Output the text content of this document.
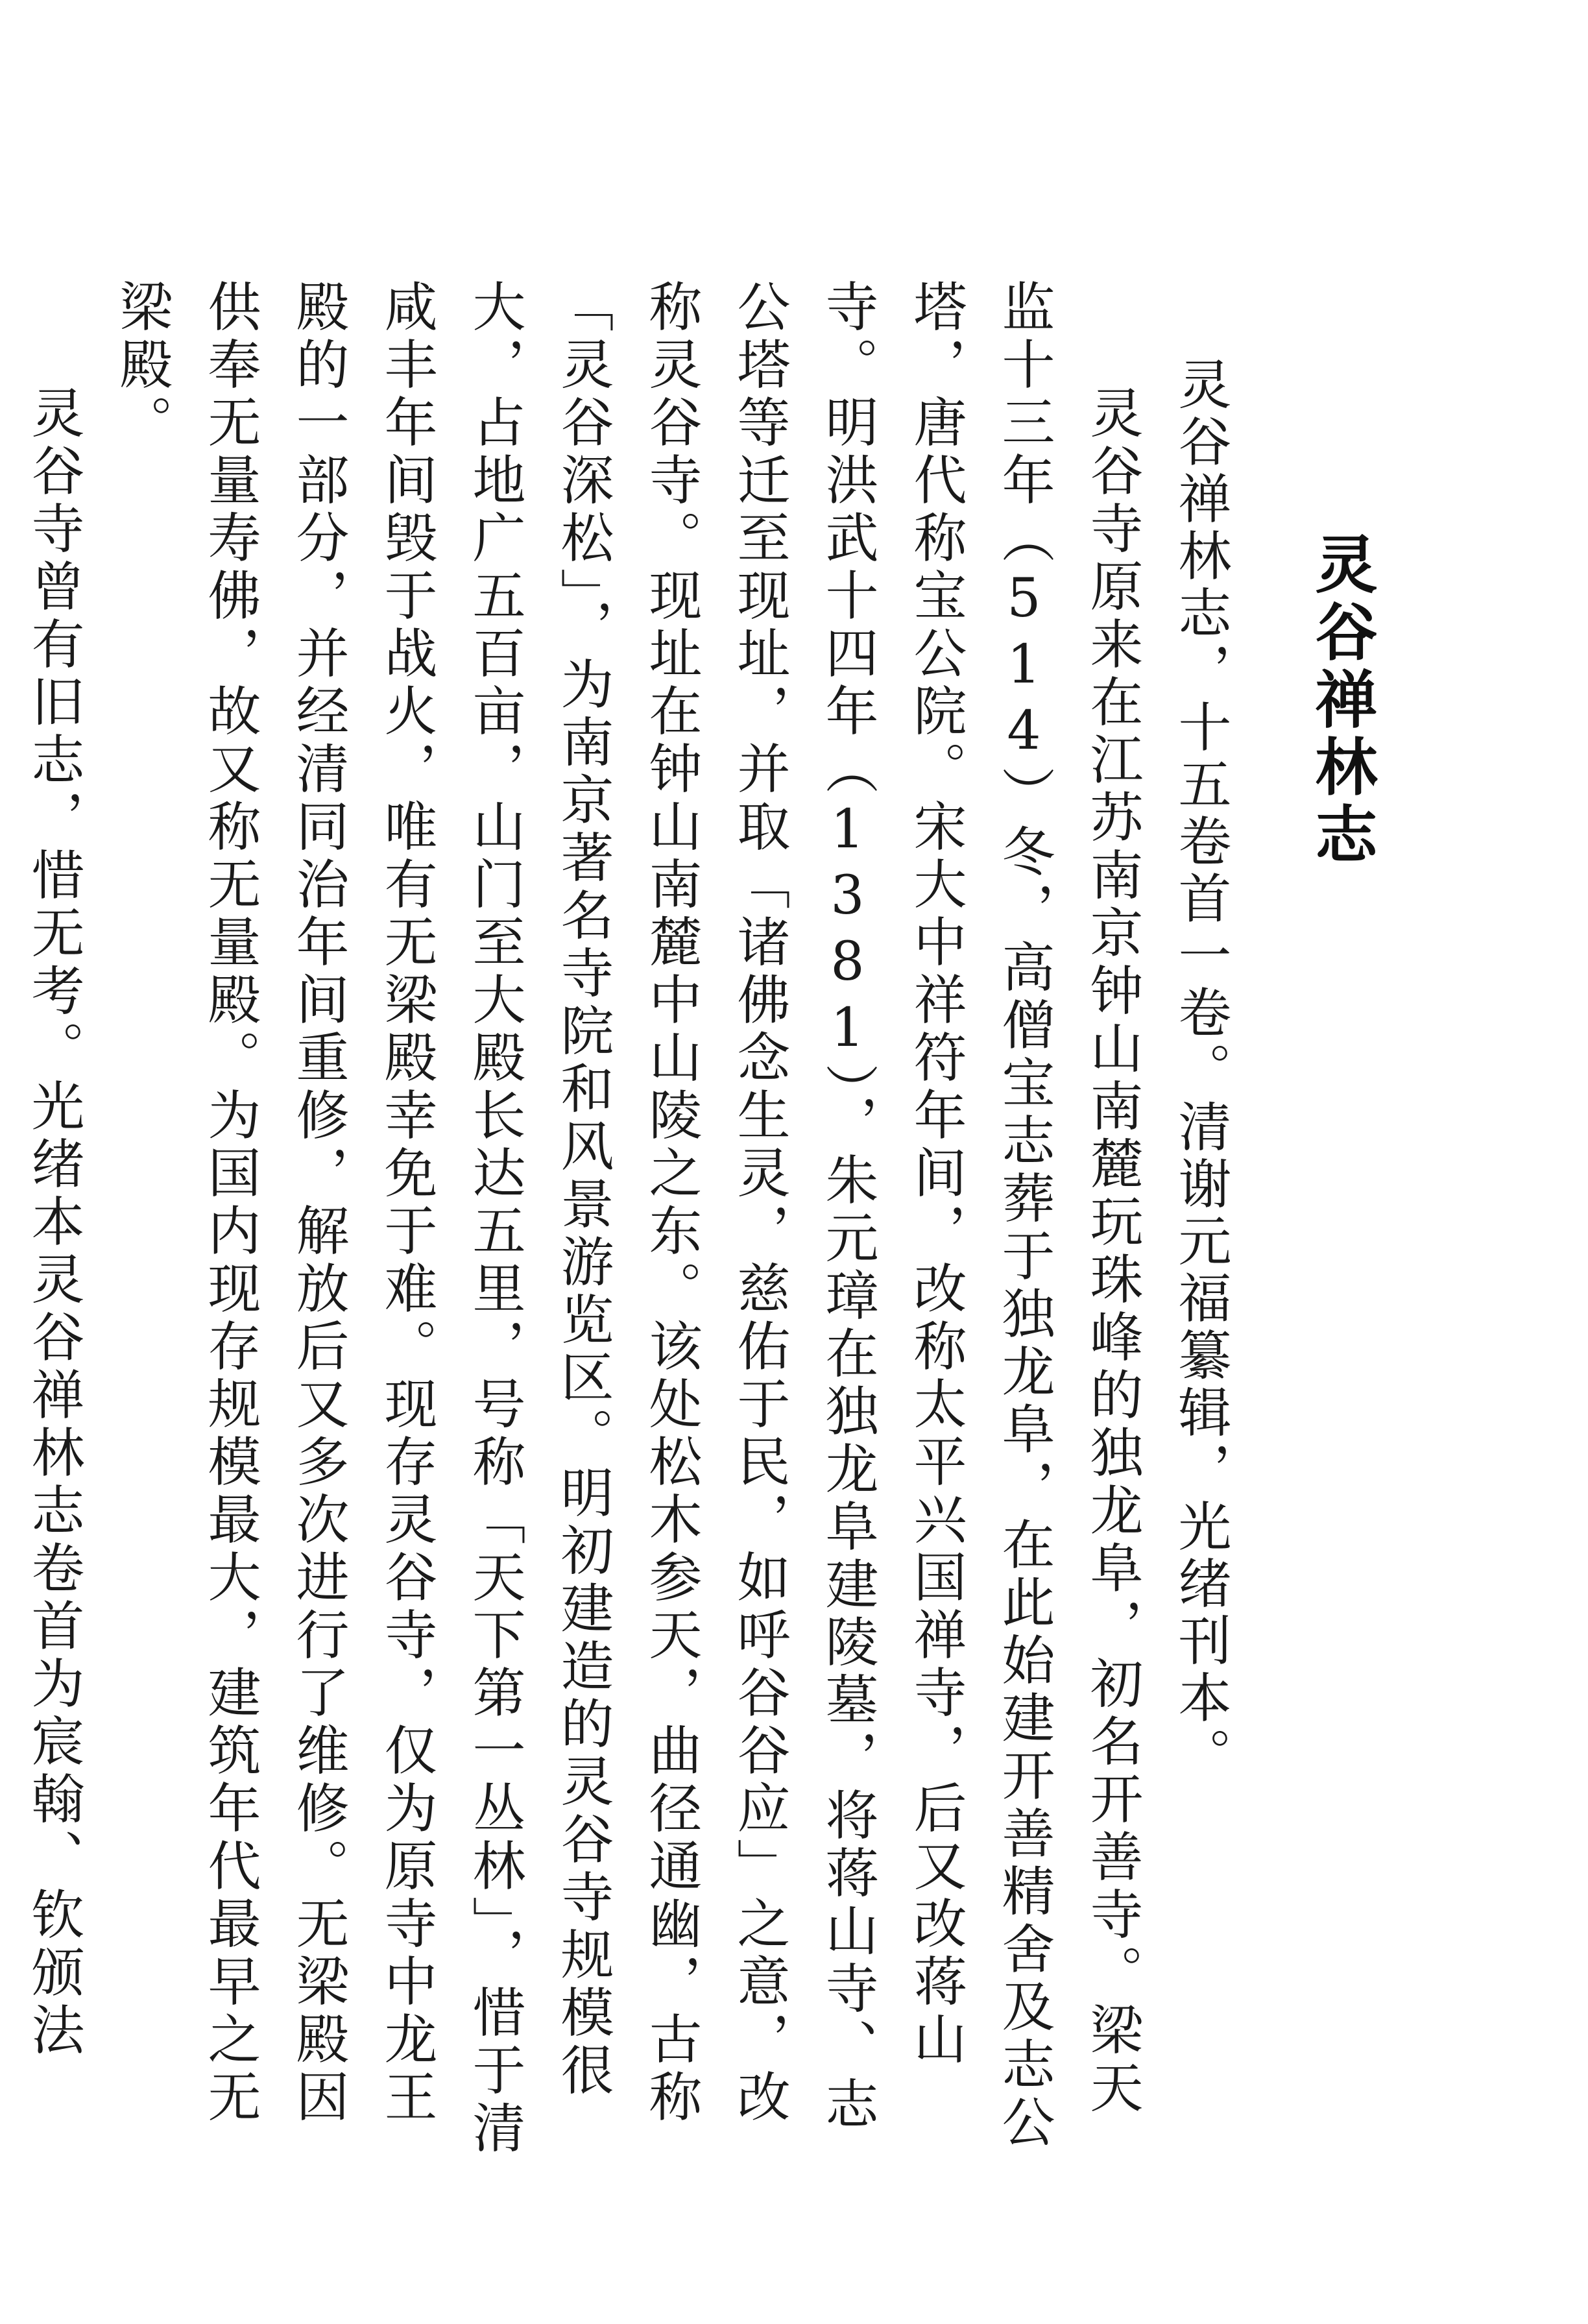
灵谷禅林志

灵谷禅林志，十五卷首一卷。清谢元福纂辑，光绪刊本。

灵谷寺原来在江苏南京钟山南麓玩珠峰的独龙阜，初名开善寺。梁天监十三年（514）冬，高僧宝志葬于独龙阜，在此始建开善精舍及志公塔，唐代称宝公院。宋大中祥符年间，改称太平兴国禅寺，后又改蒋山寺。明洪武十四年（1381），朱元璋在独龙阜建陵墓，将蒋山寺、志公塔等迁至现址，并取「诸佛念生灵，慈佑于民，如呼谷谷应」之意，改称灵谷寺。现址在钟山南麓中山陵之东。该处松木参天，曲径通幽，古称「灵谷深松」，为南京著名寺院和风景游览区。明初建造的灵谷寺规模很大，占地广五百亩，山门至大殿长达五里，号称「天下第一丛林」，惜于清咸丰年间毁于战火，唯有无梁殿幸免于难。现存灵谷寺，仅为原寺中龙王殿的一部分，并经清同治年间重修，解放后又多次进行了维修。无梁殿因供奉无量寿佛，故又称无量殿。为国内现存规模最大，建筑年代最早之无梁殿。

灵谷寺曾有旧志，惜无考。光绪本灵谷禅林志卷首为宸翰、钦颁法
